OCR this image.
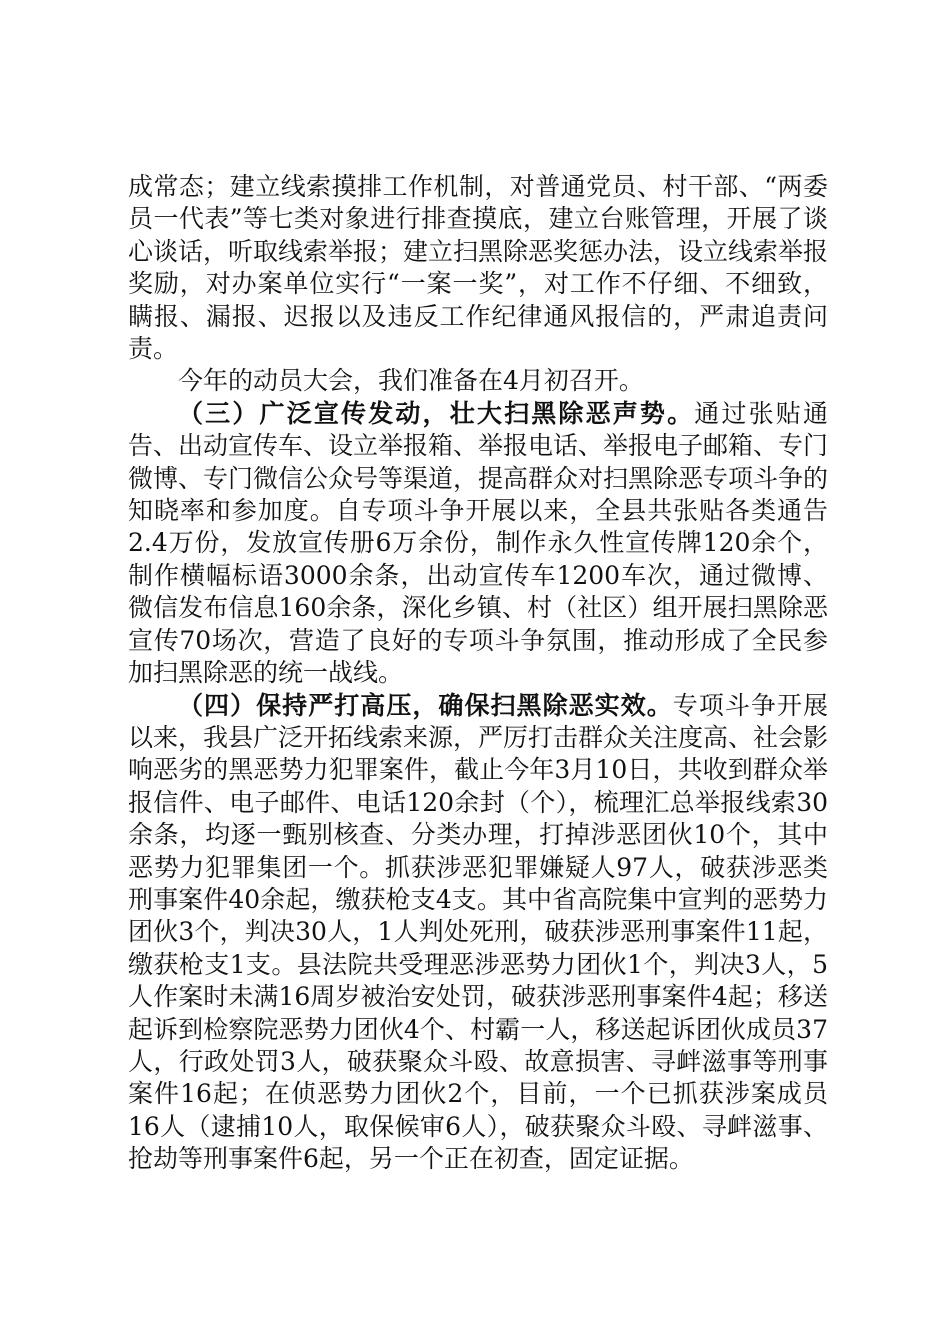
成常态；建立线索摸排工作机制，对普通党员、村干部、“两委员一代表”等七类对象进行排查摸底，建立台账管理，开展了谈心谈话，听取线索举报；建立扫黑除恶奖惩办法，设立线索举报奖励，对办案单位实行“一案一奖”，对工作不仔细、不细致，瞒报、漏报、迟报以及违反工作纪律通风报信的，严肃追责问责。

今年的动员大会，我们准备在4月初召开。

（三）广泛宣传发动，壮大扫黑除恶声势。通过张贴通告、出动宣传车、设立举报箱、举报电话、举报电子邮箱、专门微博、专门微信公众号等渠道，提高群众对扫黑除恶专项斗争的知晓率和参加度。自专项斗争开展以来，全县共张贴各类通告2.4万份，发放宣传册6万余份，制作永久性宣传牌120余个，制作横幅标语3000余条，出动宣传车1200车次，通过微博、微信发布信息160余条，深化乡镇、村（社区）组开展扫黑除恶宣传70场次，营造了良好的专项斗争氛围，推动形成了全民参加扫黑除恶的统一战线。

（四）保持严打高压，确保扫黑除恶实效。专项斗争开展以来，我县广泛开拓线索来源，严厉打击群众关注度高、社会影响恶劣的黑恶势力犯罪案件，截止今年3月10日，共收到群众举报信件、电子邮件、电话120余封（个），梳理汇总举报线索30余条，均逐一甄别核查、分类办理，打掉涉恶团伙10个，其中恶势力犯罪集团一个。抓获涉恶犯罪嫌疑人97人，破获涉恶类刑事案件40余起，缴获枪支4支。其中省高院集中宣判的恶势力团伙3个，判决30人，1人判处死刑，破获涉恶刑事案件11起，缴获枪支1支。县法院共受理恶涉恶势力团伙1个，判决3人，5人作案时未满16周岁被治安处罚，破获涉恶刑事案件4起；移送起诉到检察院恶势力团伙4个、村霸一人，移送起诉团伙成员37人，行政处罚3人，破获聚众斗殴、故意损害、寻衅滋事等刑事案件16起；在侦恶势力团伙2个，目前，一个已抓获涉案成员16人（逮捕10人，取保候审6人），破获聚众斗殴、寻衅滋事、抢劫等刑事案件6起，另一个正在初查，固定证据。
